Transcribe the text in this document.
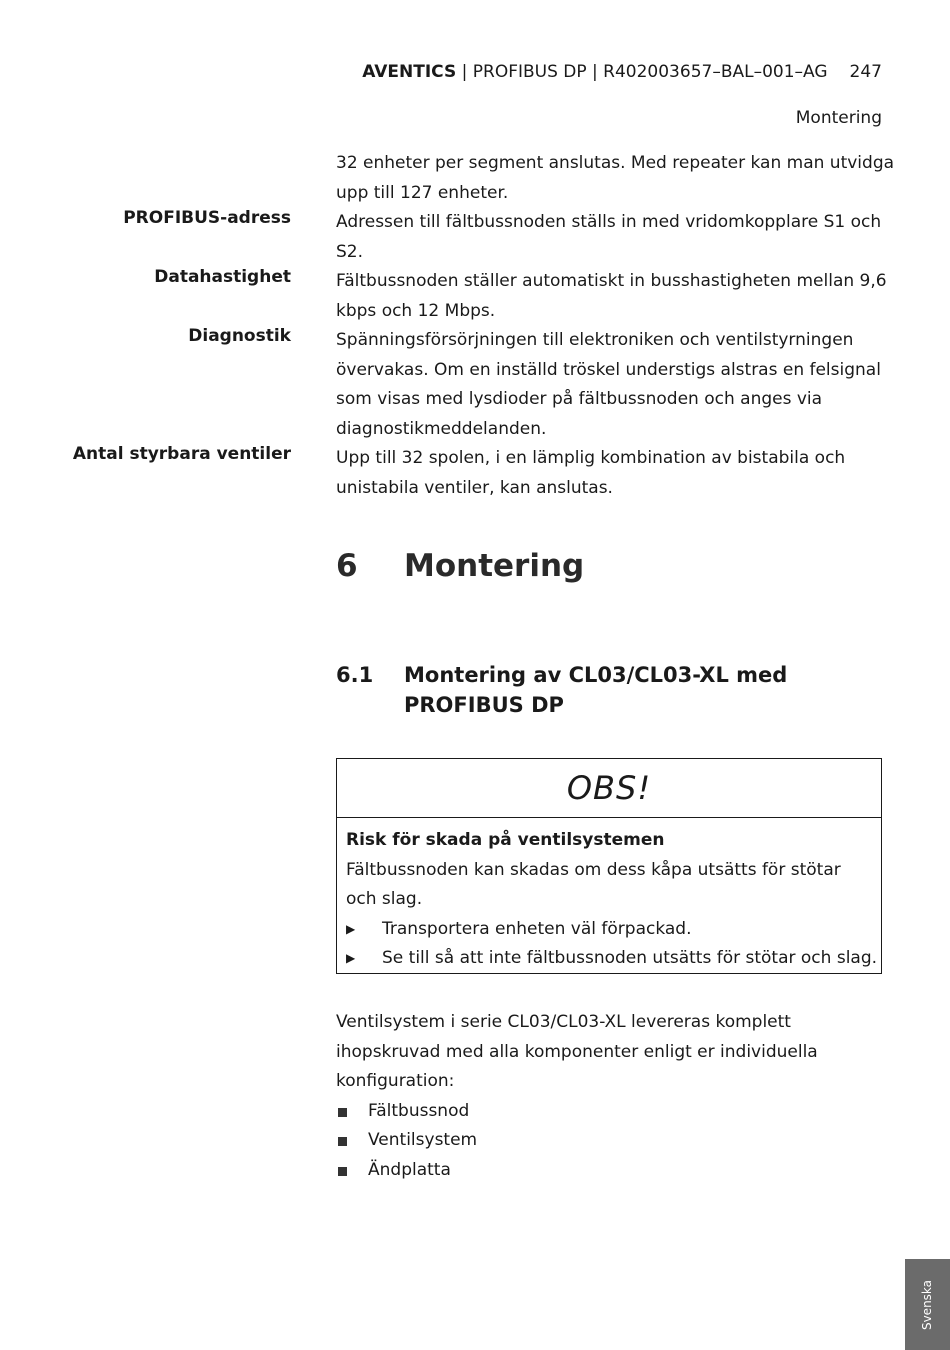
AVENTICS | PROFIBUS DP | R402003657–BAL–001–AG 247
Montering
32 enheter per segment anslutas. Med repeater kan man utvidga upp till 127 enheter.
PROFIBUS-adress	Adressen till fältbussnoden ställs in med vridomkopplare S1 och S2.
Datahastighet	Fältbussnoden ställer automatiskt in busshastigheten mellan 9,6 kbps och 12 Mbps.
Diagnostik	Spänningsförsörjningen till elektroniken och ventilstyrningen övervakas. Om en inställd tröskel understigs alstras en felsignal som visas med lysdioder på fältbussnoden och anges via diagnostikmeddelanden.
Antal styrbara ventiler	Upp till 32 spolen, i en lämplig kombination av bistabila och unistabila ventiler, kan anslutas.
6 Montering
6.1 Montering av CL03/CL03-XL med PROFIBUS DP
OBS!
Risk för skada på ventilsystemen
Fältbussnoden kan skadas om dess kåpa utsätts för stötar och slag.
▶ Transportera enheten väl förpackad.
▶ Se till så att inte fältbussnoden utsätts för stötar och slag.
Ventilsystem i serie CL03/CL03-XL levereras komplett ihopskruvad med alla komponenter enligt er individuella konfiguration:
Fältbussnod
Ventilsystem
Ändplatta
Svenska
